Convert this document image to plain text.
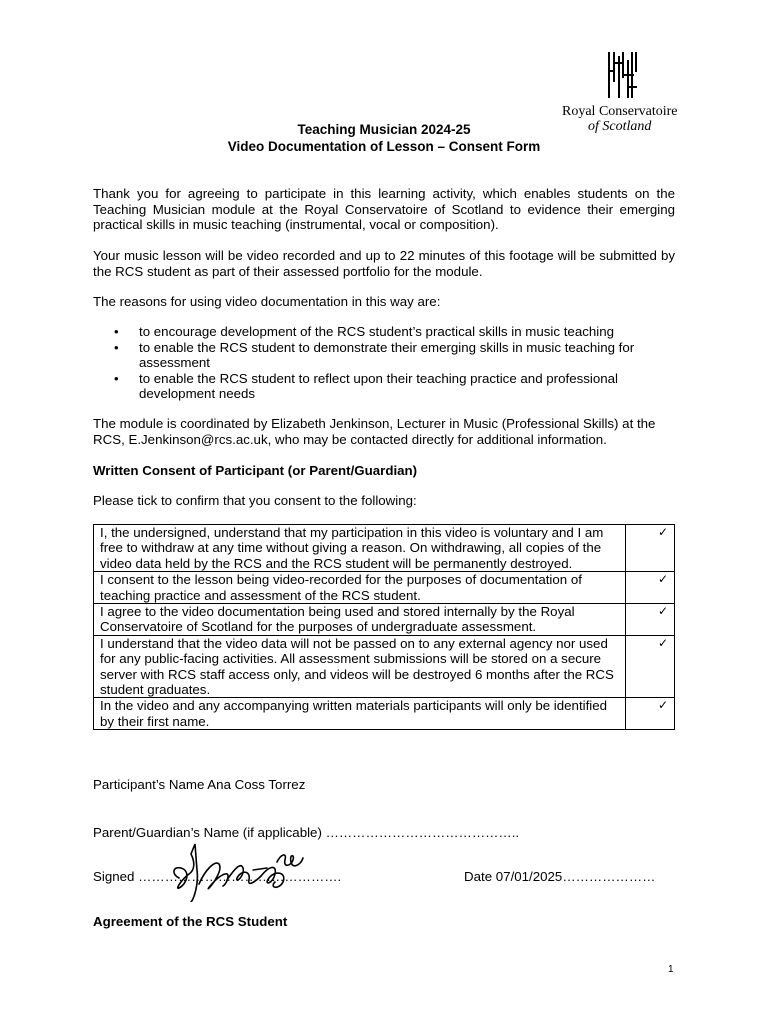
Royal Conservatoire
of Scotland
Teaching Musician 2024-25
Video Documentation of Lesson – Consent Form

Thank you for agreeing to participate in this learning activity, which enables students on the Teaching Musician module at the Royal Conservatoire of Scotland to evidence their emerging practical skills in music teaching (instrumental, vocal or composition).

Your music lesson will be video recorded and up to 22 minutes of this footage will be submitted by the RCS student as part of their assessed portfolio for the module.

The reasons for using video documentation in this way are:

• to encourage development of the RCS student’s practical skills in music teaching
• to enable the RCS student to demonstrate their emerging skills in music teaching for assessment
• to enable the RCS student to reflect upon their teaching practice and professional development needs

The module is coordinated by Elizabeth Jenkinson, Lecturer in Music (Professional Skills) at the RCS, E.Jenkinson@rcs.ac.uk, who may be contacted directly for additional information.

Written Consent of Participant (or Parent/Guardian)

Please tick to confirm that you consent to the following:

I, the undersigned, understand that my participation in this video is voluntary and I am free to withdraw at any time without giving a reason. On withdrawing, all copies of the video data held by the RCS and the RCS student will be permanently destroyed.	✓
I consent to the lesson being video-recorded for the purposes of documentation of teaching practice and assessment of the RCS student.	✓
I agree to the video documentation being used and stored internally by the Royal Conservatoire of Scotland for the purposes of undergraduate assessment.	✓
I understand that the video data will not be passed on to any external agency nor used for any public-facing activities. All assessment submissions will be stored on a secure server with RCS staff access only, and videos will be destroyed 6 months after the RCS student graduates.	✓
In the video and any accompanying written materials participants will only be identified by their first name.	✓
Participant’s Name Ana Coss Torrez
Parent/Guardian’s Name (if applicable) ……………………………………..
Signed ……………………………………….	Date 07/01/2025…………………
Agreement of the RCS Student
1
